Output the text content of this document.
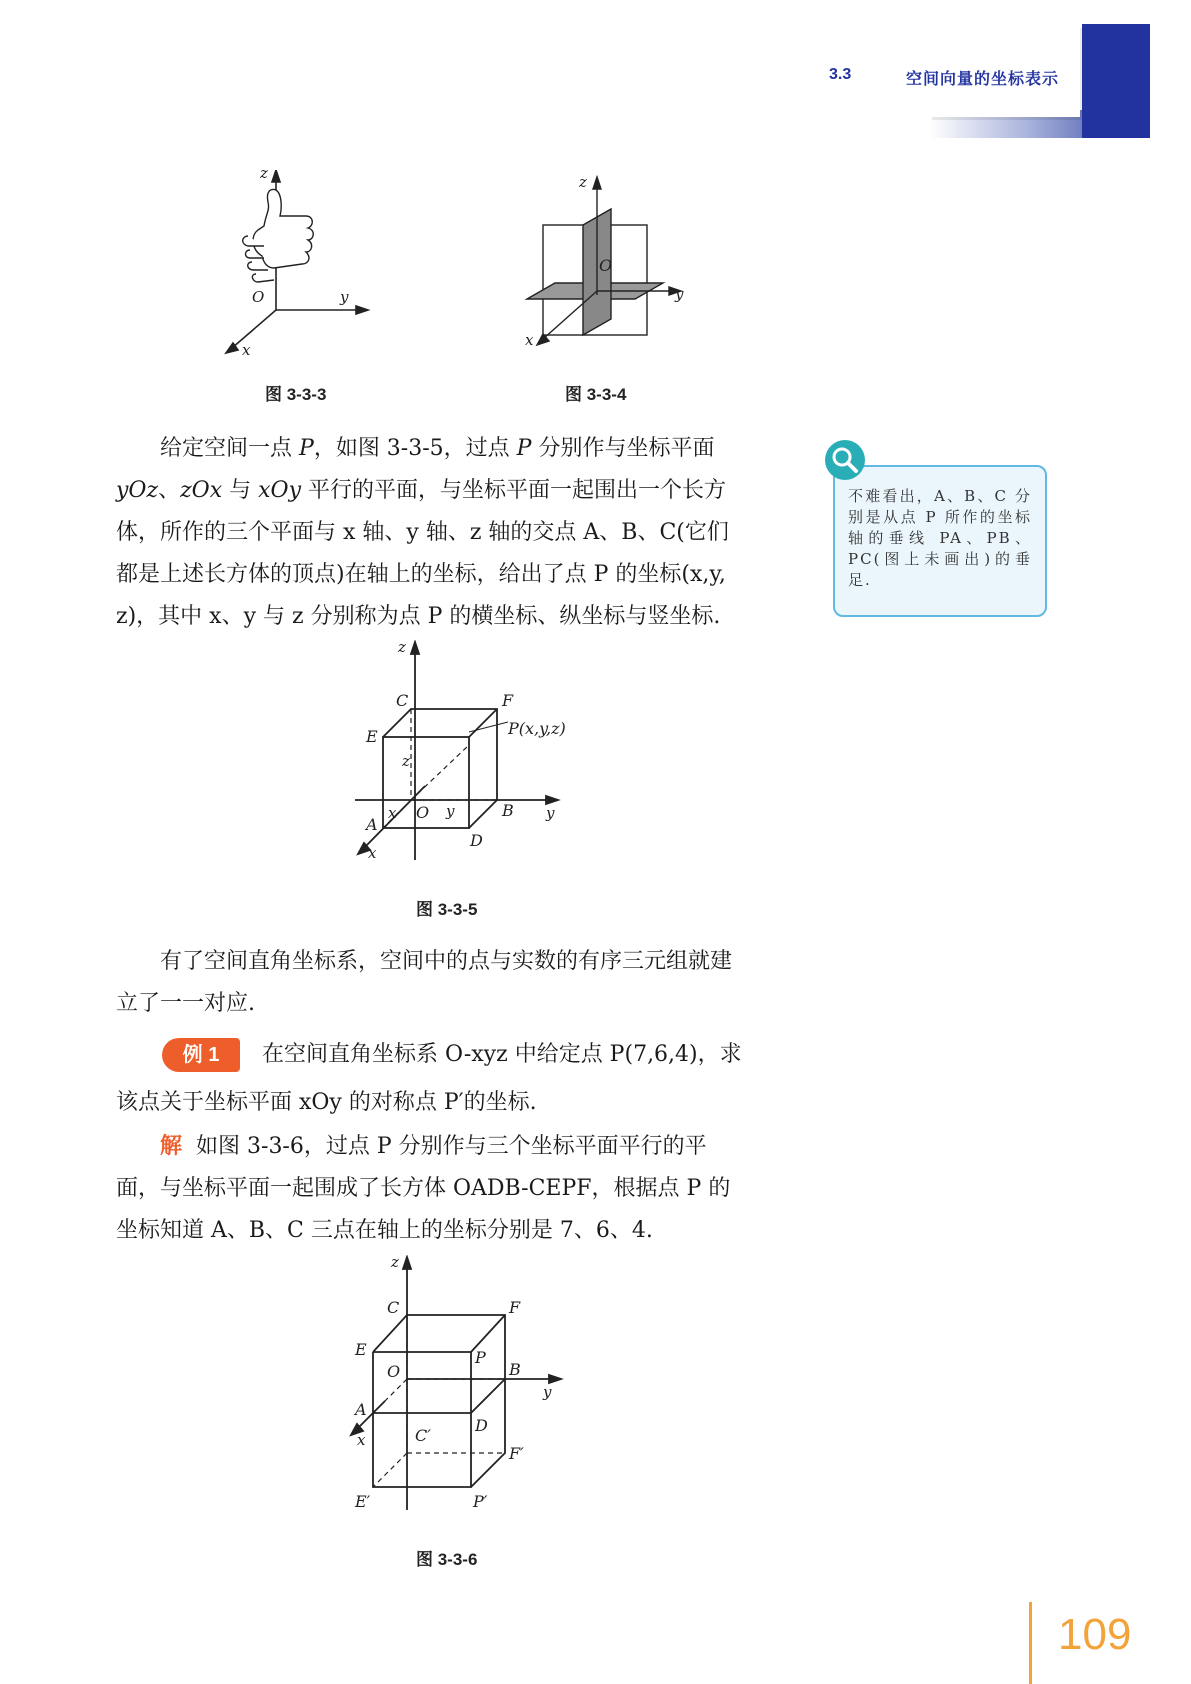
3.3	空间向量的坐标表示
z
O	y
x
图 3-3-3
z
O
y
x
图 3-3-4
给定空间一点 P，如图 3-3-5，过点 P 分别作与坐标平面
yOz、zOx 与 xOy 平行的平面，与坐标平面一起围出一个长方
体，所作的三个平面与 x 轴、y 轴、z 轴的交点 A、B、C(它们
都是上述长方体的顶点)在轴上的坐标，给出了点 P 的坐标(x,y,
z)，其中 x、y 与 z 分别称为点 P 的横坐标、纵坐标与竖坐标.
不难看出，A、B、C 分别是从点 P 所作的坐标轴的垂线 PA、PB、PC(图上未画出)的垂足.
z
C	F
E	P(x,y,z)
z
x O y	B y
A
D
x
图 3-3-5
有了空间直角坐标系，空间中的点与实数的有序三元组就建
立了一一对应.
例 1	在空间直角坐标系 O-xyz 中给定点 P(7,6,4)，求
该点关于坐标平面 xOy 的对称点 P′的坐标.
解 如图 3-3-6，过点 P 分别作与三个坐标平面平行的平
面，与坐标平面一起围成了长方体 OADB-CEPF，根据点 P 的
坐标知道 A、B、C 三点在轴上的坐标分别是 7、6、4.
z
C	F
E	P
O	B
y
A
D
x	C′
F′
E′	P′
图 3-3-6
109
